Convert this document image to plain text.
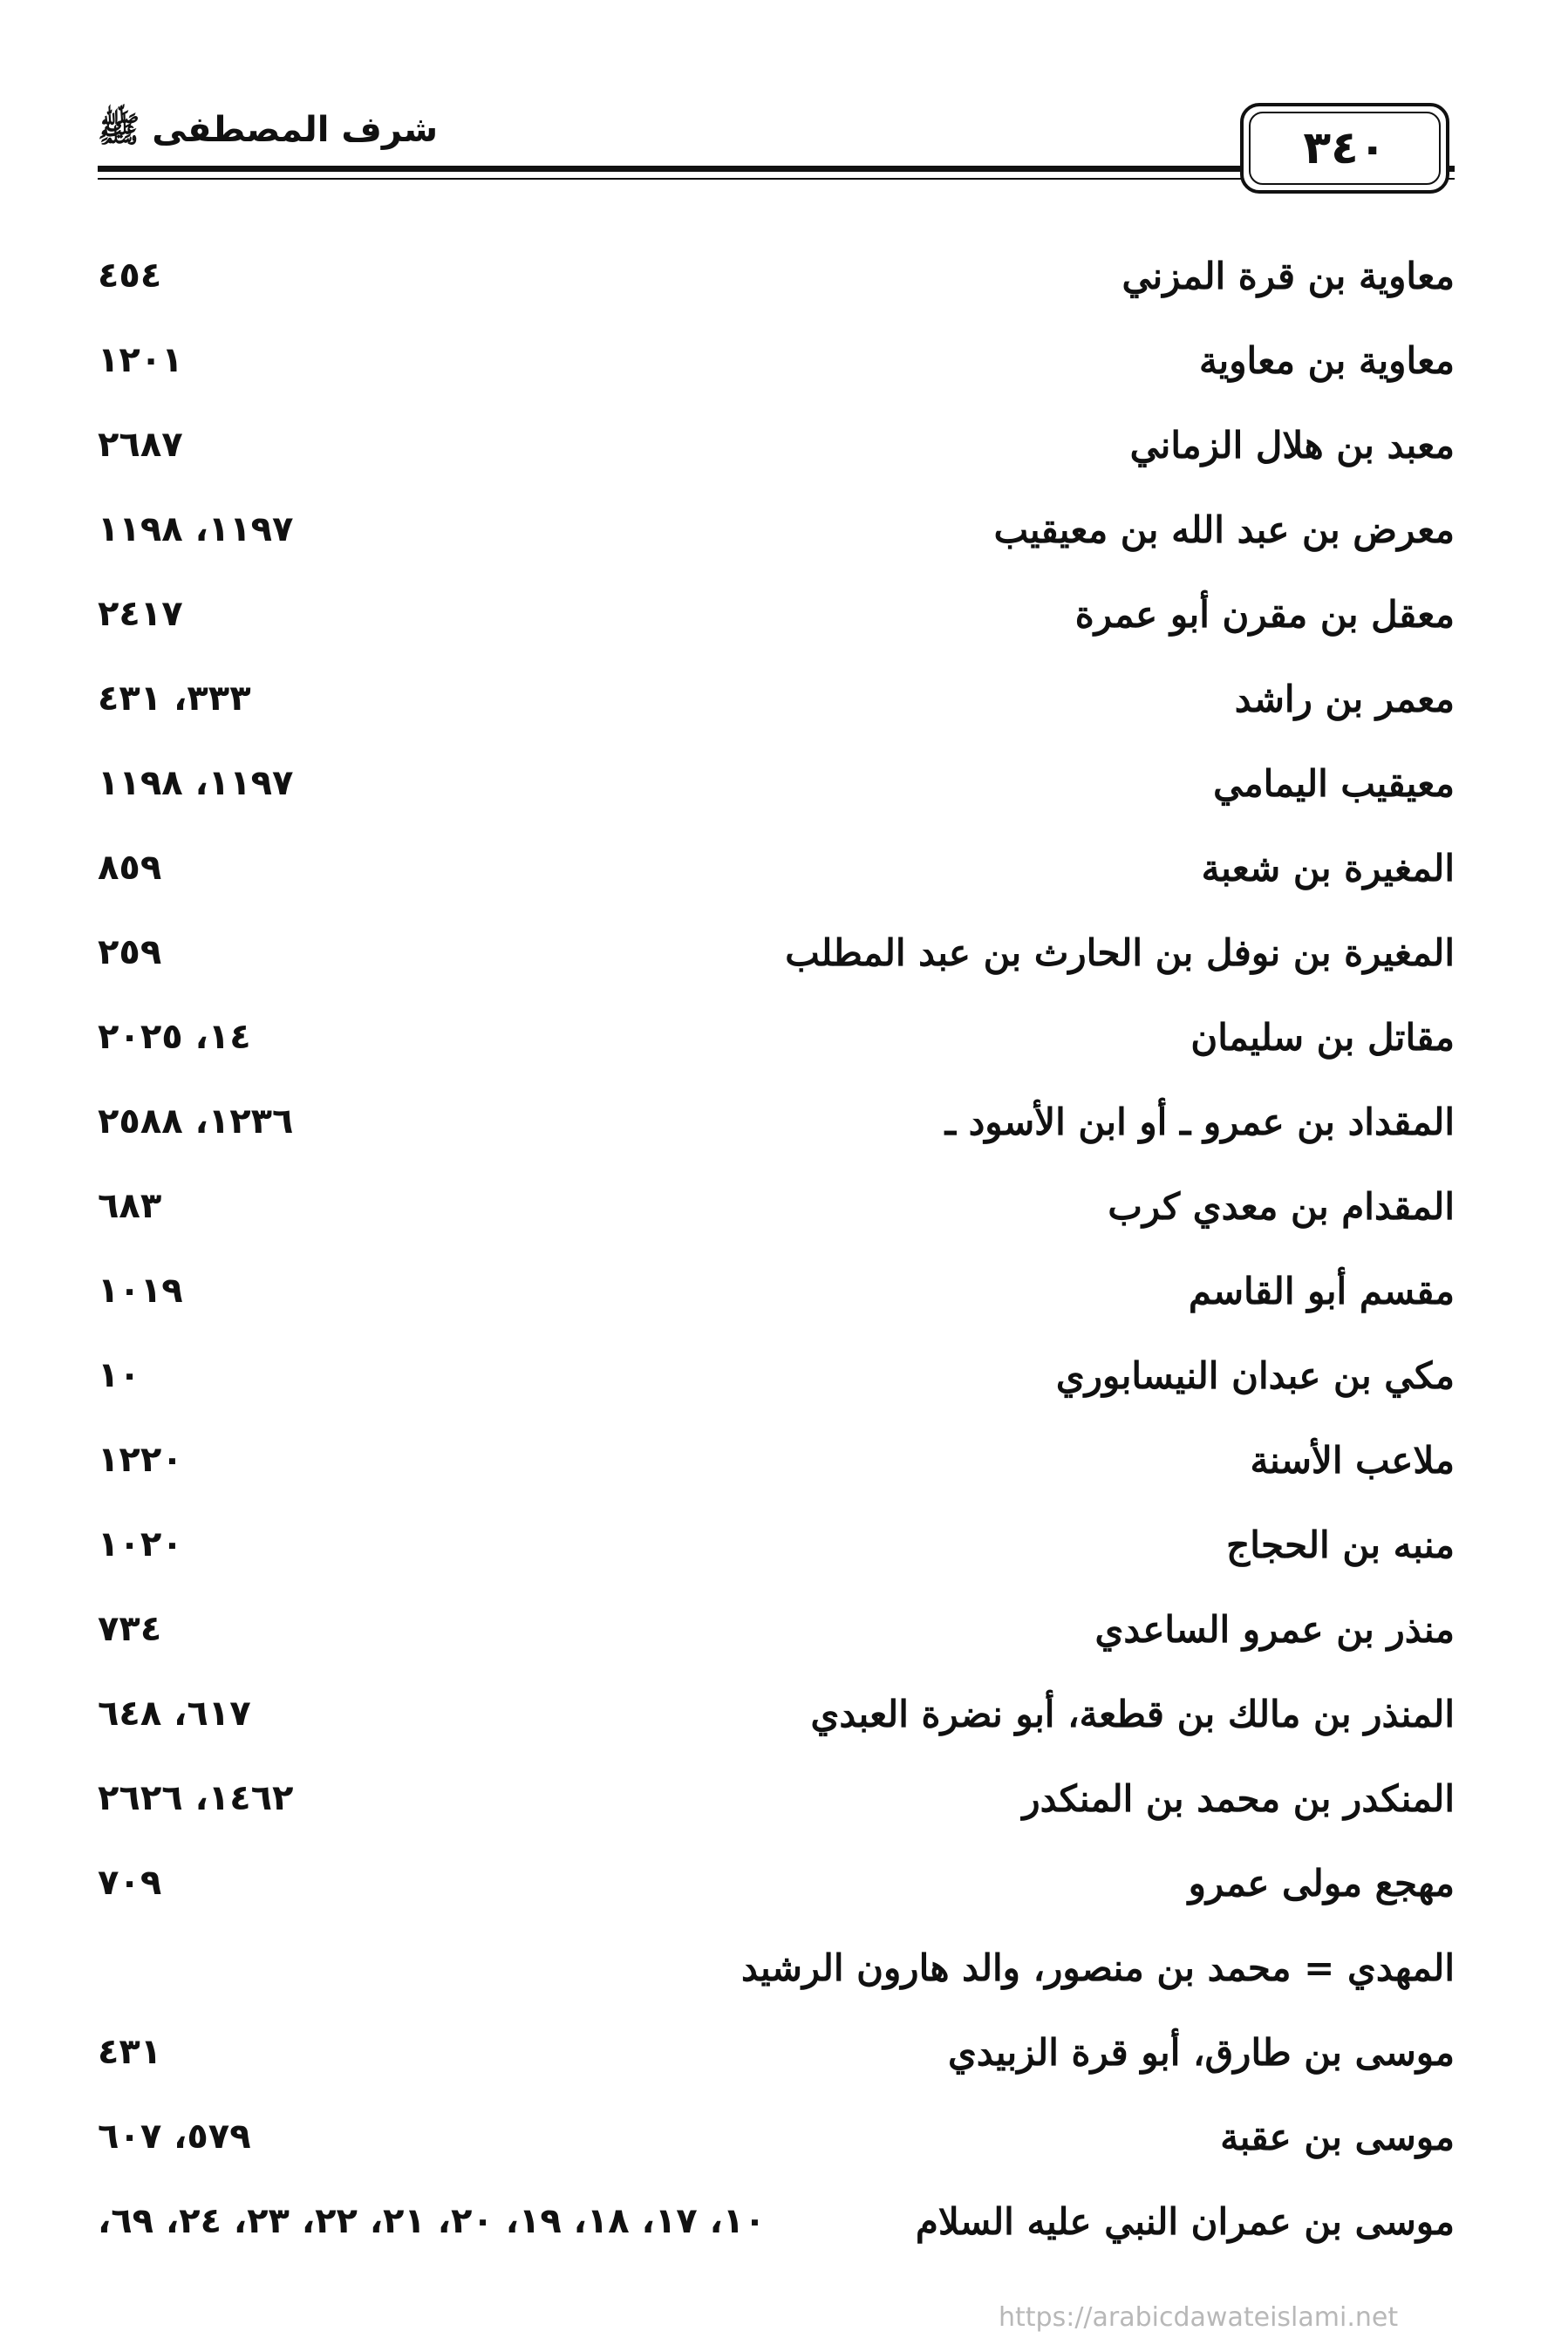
شرف المصطفى ﷺ	٣٤٠
معاوية بن قرة المزني
٤٥٤
معاوية بن معاوية
١٢٠١
معبد بن هلال الزماني
٢٦٨٧
معرض بن عبد الله بن معيقيب
١١٩٧، ١١٩٨
معقل بن مقرن أبو عمرة
٢٤١٧
معمر بن راشد
٣٣٣، ٤٣١
معيقيب اليمامي
١١٩٧، ١١٩٨
المغيرة بن شعبة
٨٥٩
المغيرة بن نوفل بن الحارث بن عبد المطلب
٢٥٩
مقاتل بن سليمان
١٤، ٢٠٢٥
المقداد بن عمرو ـ أو ابن الأسود ـ
١٢٣٦، ٢٥٨٨
المقدام بن معدي كرب
٦٨٣
مقسم أبو القاسم
١٠١٩
مكي بن عبدان النيسابوري
١٠
ملاعب الأسنة
١٢٢٠
منبه بن الحجاج
١٠٢٠
منذر بن عمرو الساعدي
٧٣٤
المنذر بن مالك بن قطعة، أبو نضرة العبدي
٦١٧، ٦٤٨
المنكدر بن محمد بن المنكدر
١٤٦٢، ٢٦٢٦
مهجع مولى عمرو
٧٠٩
المهدي = محمد بن منصور، والد هارون الرشيد
موسى بن طارق، أبو قرة الزبيدي
٤٣١
موسى بن عقبة
٥٧٩، ٦٠٧
موسى بن عمران النبي عليه السلام
١٠، ١٧، ١٨، ١٩، ٢٠، ٢١، ٢٢، ٢٣، ٢٤، ٦٩،
https://arabicdawateislami.net
